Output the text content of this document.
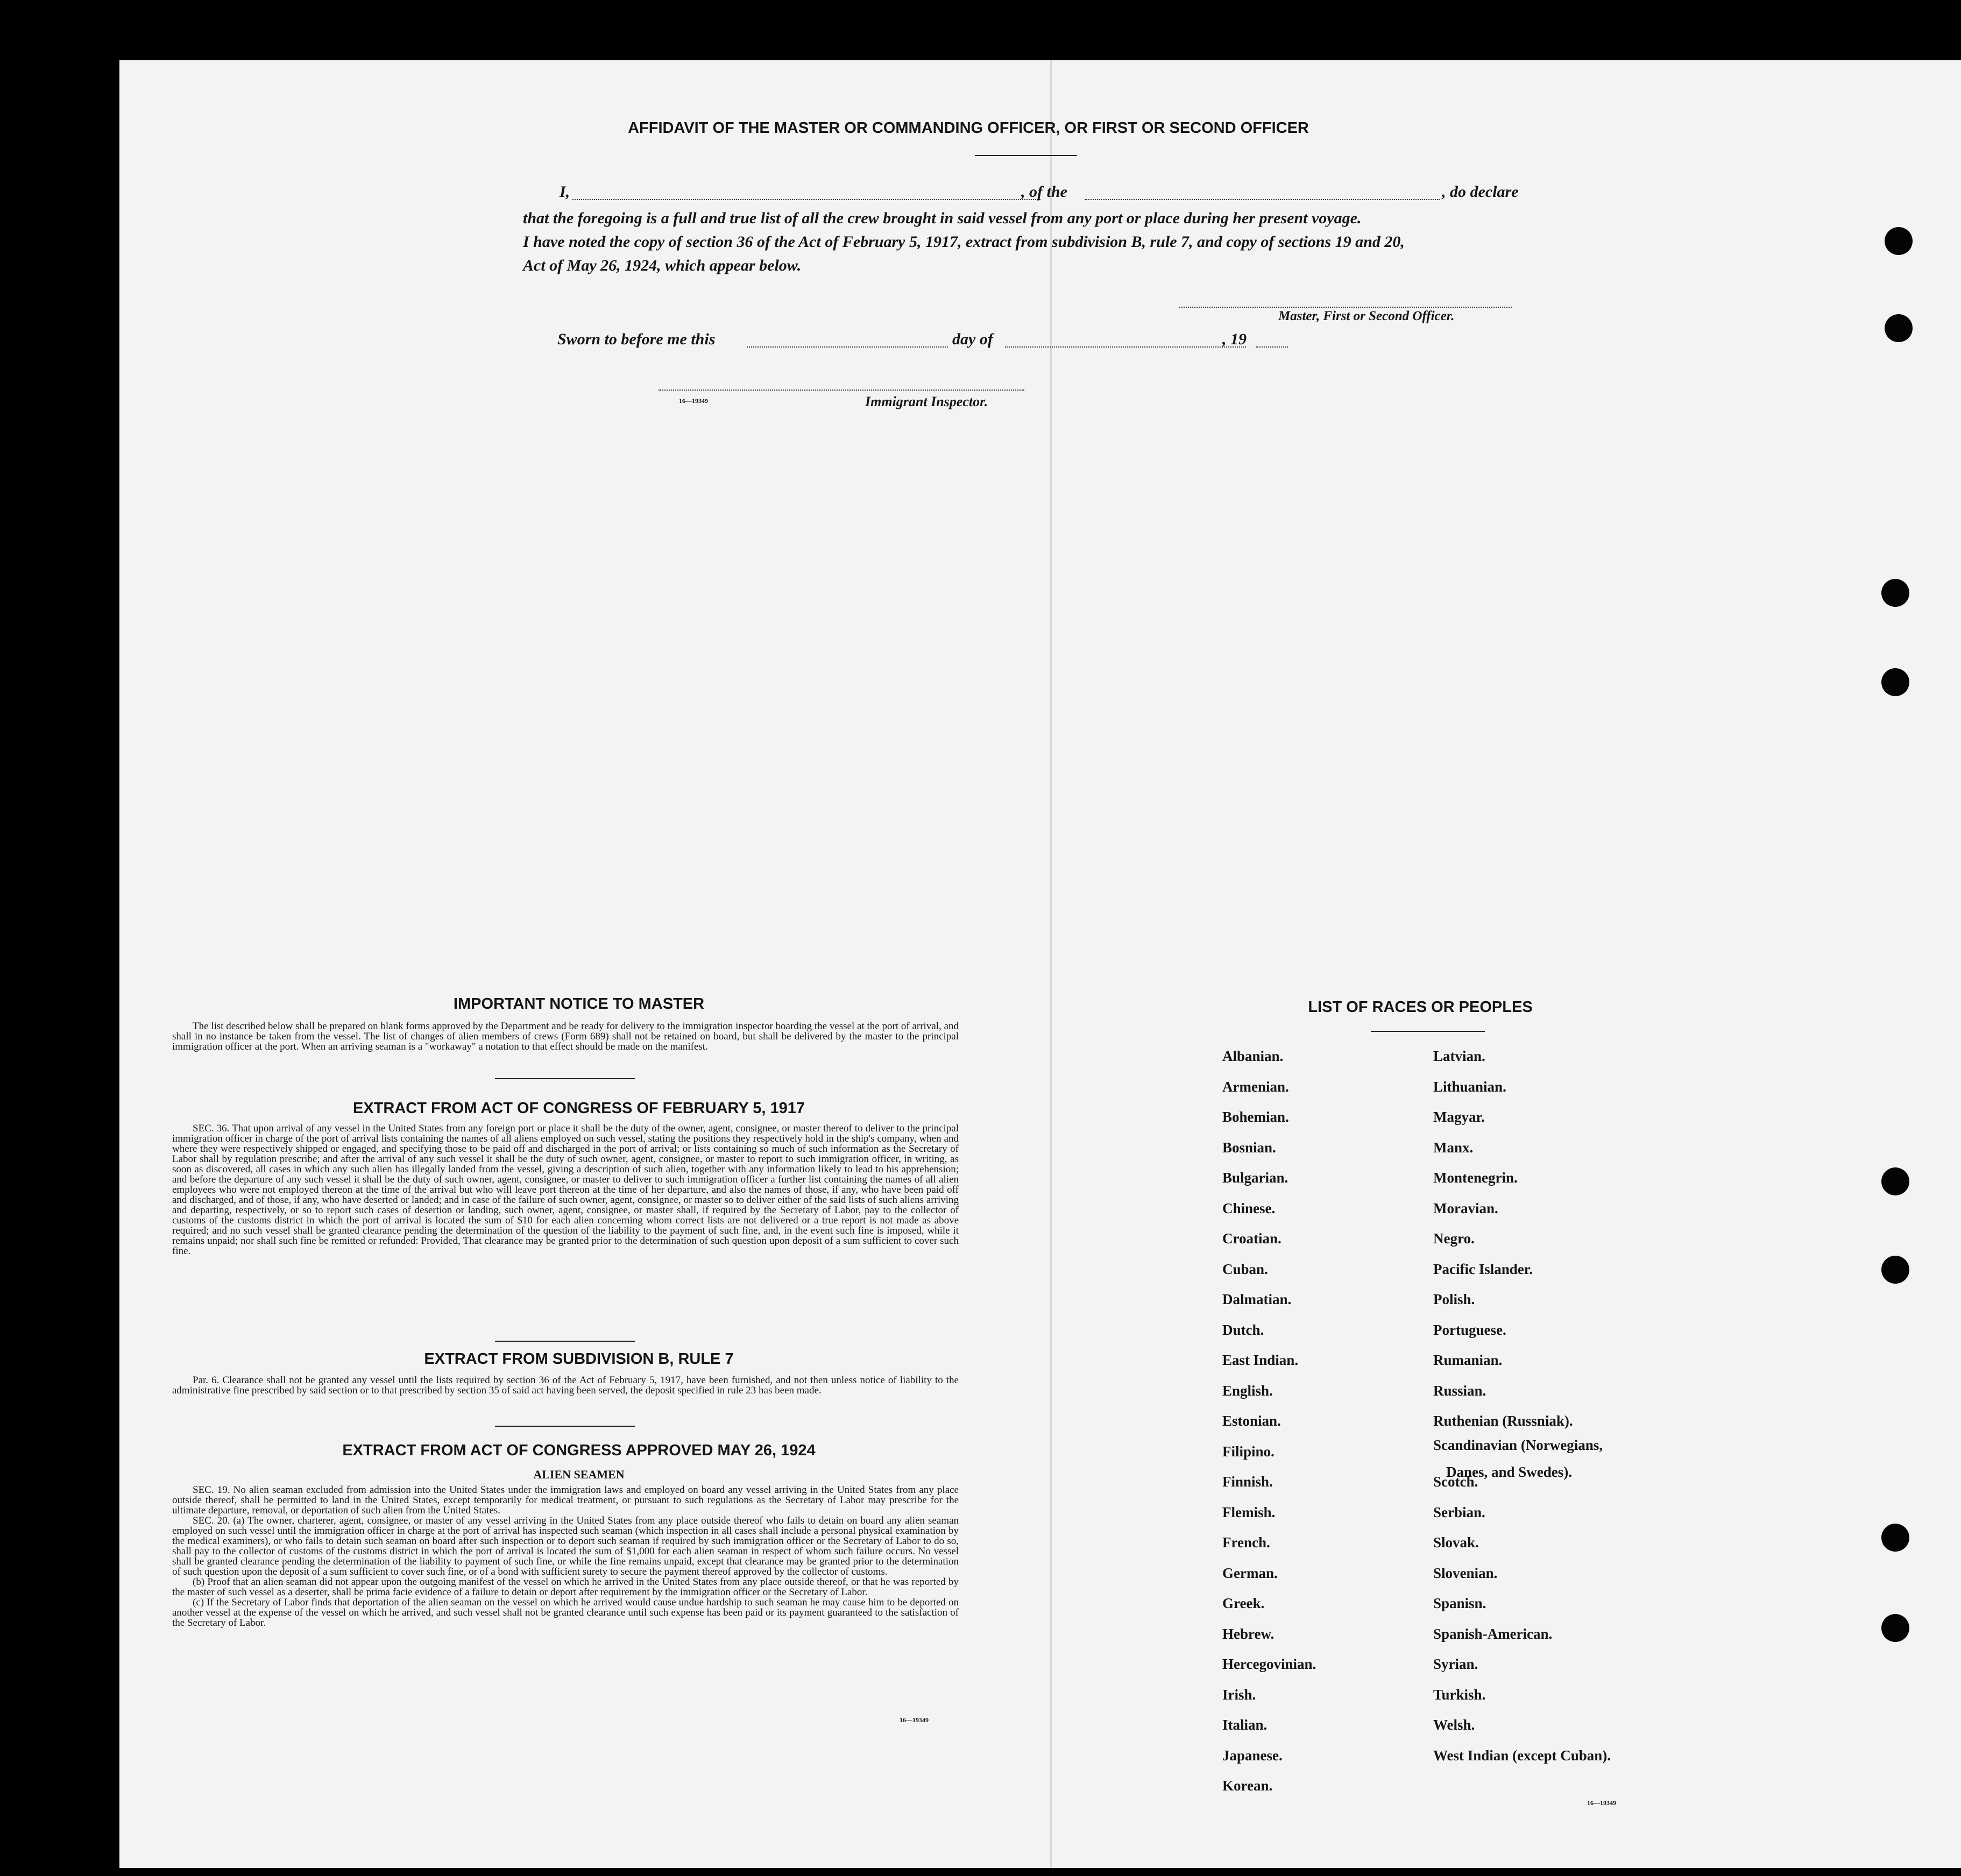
AFFIDAVIT OF THE MASTER OR COMMANDING OFFICER, OR FIRST OR SECOND OFFICER
I,	, of the	, do declare
that the foregoing is a full and true list of all the crew brought in said vessel from any port or place during her present voyage.
I have noted the copy of section 36 of the Act of February 5, 1917, extract from subdivision B, rule 7, and copy of sections 19 and 20,
Act of May 26, 1924, which appear below.
Master, First or Second Officer.
Sworn to before me this	day of	, 19
16—19349	Immigrant Inspector.
IMPORTANT NOTICE TO MASTER

The list described below shall be prepared on blank forms approved by the Department and be ready for delivery to the immigration inspector boarding the vessel at the port of arrival, and shall in no instance be taken from the vessel. The list of changes of alien members of crews (Form 689) shall not be retained on board, but shall be delivered by the master to the principal immigration officer at the port. When an arriving seaman is a "workaway" a notation to that effect should be made on the manifest.

EXTRACT FROM ACT OF CONGRESS OF FEBRUARY 5, 1917

SEC. 36. That upon arrival of any vessel in the United States from any foreign port or place it shall be the duty of the owner, agent, consignee, or master thereof to deliver to the principal immigration officer in charge of the port of arrival lists containing the names of all aliens employed on such vessel, stating the positions they respectively hold in the ship's company, when and where they were respectively shipped or engaged, and specifying those to be paid off and discharged in the port of arrival; or lists containing so much of such information as the Secretary of Labor shall by regulation prescribe; and after the arrival of any such vessel it shall be the duty of such owner, agent, consignee, or master to report to such immigration officer, in writing, as soon as discovered, all cases in which any such alien has illegally landed from the vessel, giving a description of such alien, together with any information likely to lead to his apprehension; and before the departure of any such vessel it shall be the duty of such owner, agent, consignee, or master to deliver to such immigration officer a further list containing the names of all alien employees who were not employed thereon at the time of the arrival but who will leave port thereon at the time of her departure, and also the names of those, if any, who have been paid off and discharged, and of those, if any, who have deserted or landed; and in case of the failure of such owner, agent, consignee, or master so to deliver either of the said lists of such aliens arriving and departing, respectively, or so to report such cases of desertion or landing, such owner, agent, consignee, or master shall, if required by the Secretary of Labor, pay to the collector of customs of the customs district in which the port of arrival is located the sum of $10 for each alien concerning whom correct lists are not delivered or a true report is not made as above required; and no such vessel shall be granted clearance pending the determination of the question of the liability to the payment of such fine, and, in the event such fine is imposed, while it remains unpaid; nor shall such fine be remitted or refunded: Provided, That clearance may be granted prior to the determination of such question upon deposit of a sum sufficient to cover such fine.

EXTRACT FROM SUBDIVISION B, RULE 7

Par. 6. Clearance shall not be granted any vessel until the lists required by section 36 of the Act of February 5, 1917, have been furnished, and not then unless notice of liability to the administrative fine prescribed by said section or to that prescribed by section 35 of said act having been served, the deposit specified in rule 23 has been made.

EXTRACT FROM ACT OF CONGRESS APPROVED MAY 26, 1924
ALIEN SEAMEN

SEC. 19. No alien seaman excluded from admission into the United States under the immigration laws and employed on board any vessel arriving in the United States from any place outside thereof, shall be permitted to land in the United States, except temporarily for medical treatment, or pursuant to such regulations as the Secretary of Labor may prescribe for the ultimate departure, removal, or deportation of such alien from the United States.

SEC. 20. (a) The owner, charterer, agent, consignee, or master of any vessel arriving in the United States from any place outside thereof who fails to detain on board any alien seaman employed on such vessel until the immigration officer in charge at the port of arrival has inspected such seaman (which inspection in all cases shall include a personal physical examination by the medical examiners), or who fails to detain such seaman on board after such inspection or to deport such seaman if required by such immigration officer or the Secretary of Labor to do so, shall pay to the collector of customs of the customs district in which the port of arrival is located the sum of $1,000 for each alien seaman in respect of whom such failure occurs. No vessel shall be granted clearance pending the determination of the liability to payment of such fine, or while the fine remains unpaid, except that clearance may be granted prior to the determination of such question upon the deposit of a sum sufficient to cover such fine, or of a bond with sufficient surety to secure the payment thereof approved by the collector of customs.

(b) Proof that an alien seaman did not appear upon the outgoing manifest of the vessel on which he arrived in the United States from any place outside thereof, or that he was reported by the master of such vessel as a deserter, shall be prima facie evidence of a failure to detain or deport after requirement by the immigration officer or the Secretary of Labor.

(c) If the Secretary of Labor finds that deportation of the alien seaman on the vessel on which he arrived would cause undue hardship to such seaman he may cause him to be deported on another vessel at the expense of the vessel on which he arrived, and such vessel shall not be granted clearance until such expense has been paid or its payment guaranteed to the satisfaction of the Secretary of Labor.

16—19349
LIST OF RACES OR PEOPLES
Albanian.
Armenian.
Bohemian.
Bosnian.
Bulgarian.
Chinese.
Croatian.
Cuban.
Dalmatian.
Dutch.
East Indian.
English.
Estonian.
Filipino.
Finnish.
Flemish.
French.
German.
Greek.
Hebrew.
Hercegovinian.
Irish.
Italian.
Japanese.
Korean.
Latvian.
Lithuanian.
Magyar.
Manx.
Montenegrin.
Moravian.
Negro.
Pacific Islander.
Polish.
Portuguese.
Rumanian.
Russian.
Ruthenian (Russniak).
Scandinavian (Norwegians,
Danes, and Swedes).
Scotch.
Serbian.
Slovak.
Slovenian.
Spanisn.
Spanish-American.
Syrian.
Turkish.
Welsh.
West Indian (except Cuban).
16—19349
